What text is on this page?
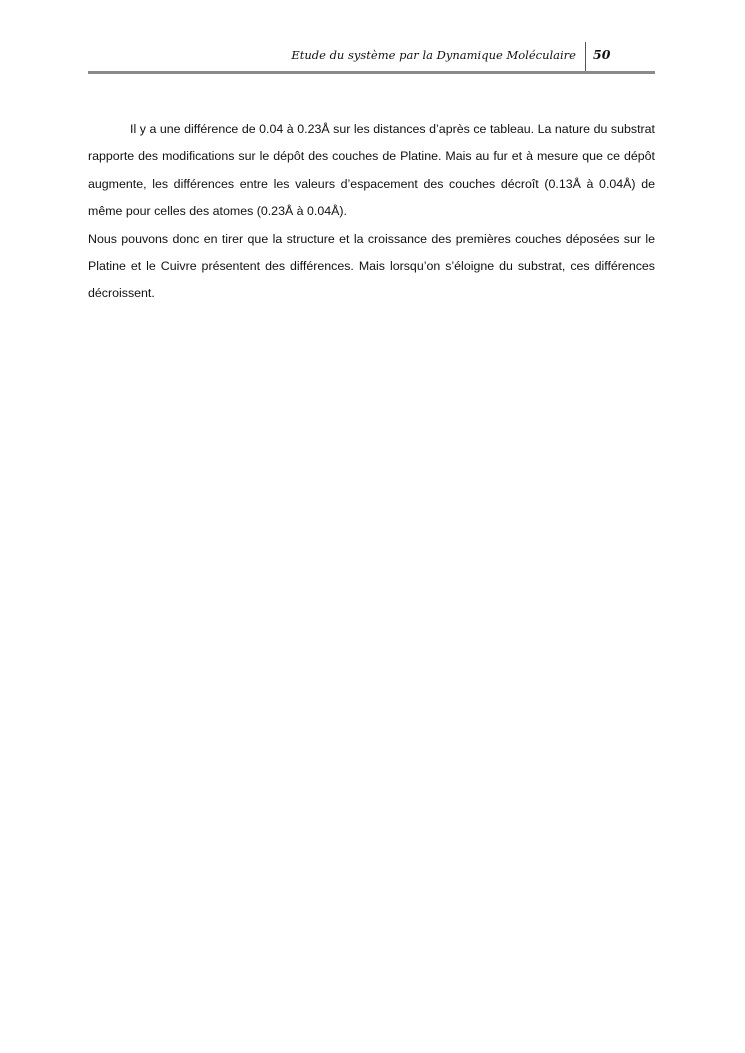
Etude du système par la Dynamique Moléculaire 50

Il y a une différence de 0.04 à 0.23Å sur les distances d’après ce tableau. La nature du substrat rapporte des modifications sur le dépôt des couches de Platine. Mais au fur et à mesure que ce dépôt augmente, les différences entre les valeurs d’espacement des couches décroît (0.13Å à 0.04Å) de même pour celles des atomes (0.23Å à 0.04Å).

Nous pouvons donc en tirer que la structure et la croissance des premières couches déposées sur le Platine et le Cuivre présentent des différences. Mais lorsqu’on s’éloigne du substrat, ces différences décroissent.
